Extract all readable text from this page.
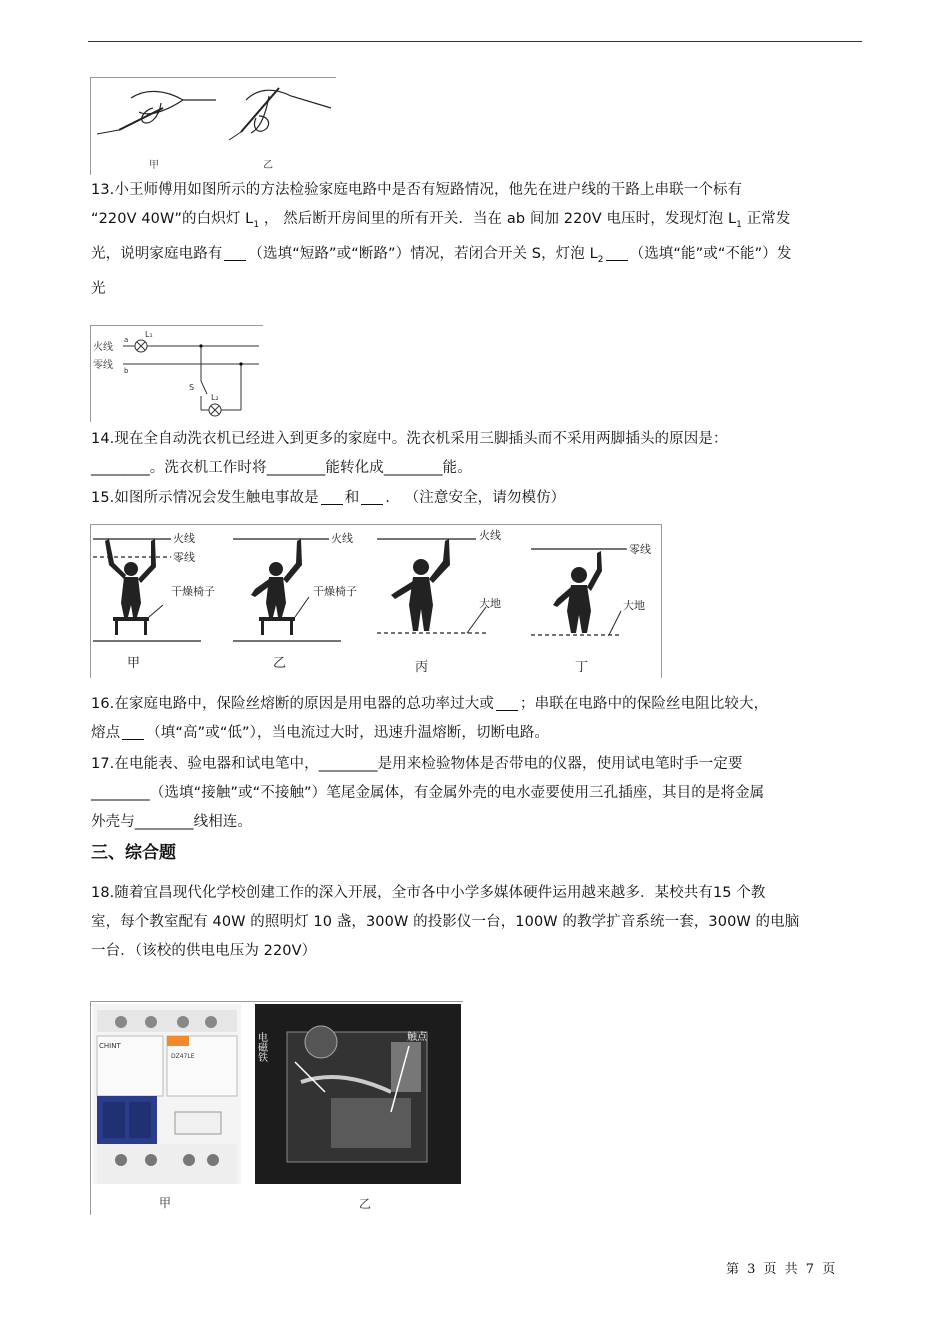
甲	乙

13.小王师傅用如图所示的方法检验家庭电路中是否有短路情况，他先在进户线的干路上串联一个标有

“220V 40W”的白炽灯 $L_1$ ， 然后断开房间里的所有开关．当在 ab 间加 220V 电压时，发现灯泡 $L_1$ 正常发

光，说明家庭电路有 （选填“短路”或“断路”）情况，若闭合开关 S，灯泡 $L_2$ （选填“能”或“不能”）发

光

火线
零线
a
b
L₁
S
L₂

14.现在全自动洗衣机已经进入到更多的家庭中。洗衣机采用三脚插头而不采用两脚插头的原因是：

________。洗衣机工作时将________能转化成________能。

15.如图所示情况会发生触电事故是 和 ． （注意安全，请勿模仿）

火线
零线
干燥椅子
火线
干燥椅子
火线
大地
零线
大地
甲	乙	丙	丁

16.在家庭电路中，保险丝熔断的原因是用电器的总功率过大或 ；串联在电路中的保险丝电阻比较大，

熔点 （填“高”或“低”），当电流过大时，迅速升温熔断，切断电路。

17.在电能表、验电器和试电笔中，________是用来检验物体是否带电的仪器，使用试电笔时手一定要

________（选填“接触”或“不接触”）笔尾金属体，有金属外壳的电水壶要使用三孔插座，其目的是将金属

外壳与________线相连。

三、综合题

18.随着宜昌现代化学校创建工作的深入开展，全市各中小学多媒体硬件运用越来越多．某校共有15 个教

室，每个教室配有 40W 的照明灯 10 盏，300W 的投影仪一台，100W 的教学扩音系统一套，300W 的电脑

一台．（该校的供电电压为 220V）

CHINT
DZ47LE
甲
电磁铁	触点
乙
第 3 页 共 7 页
